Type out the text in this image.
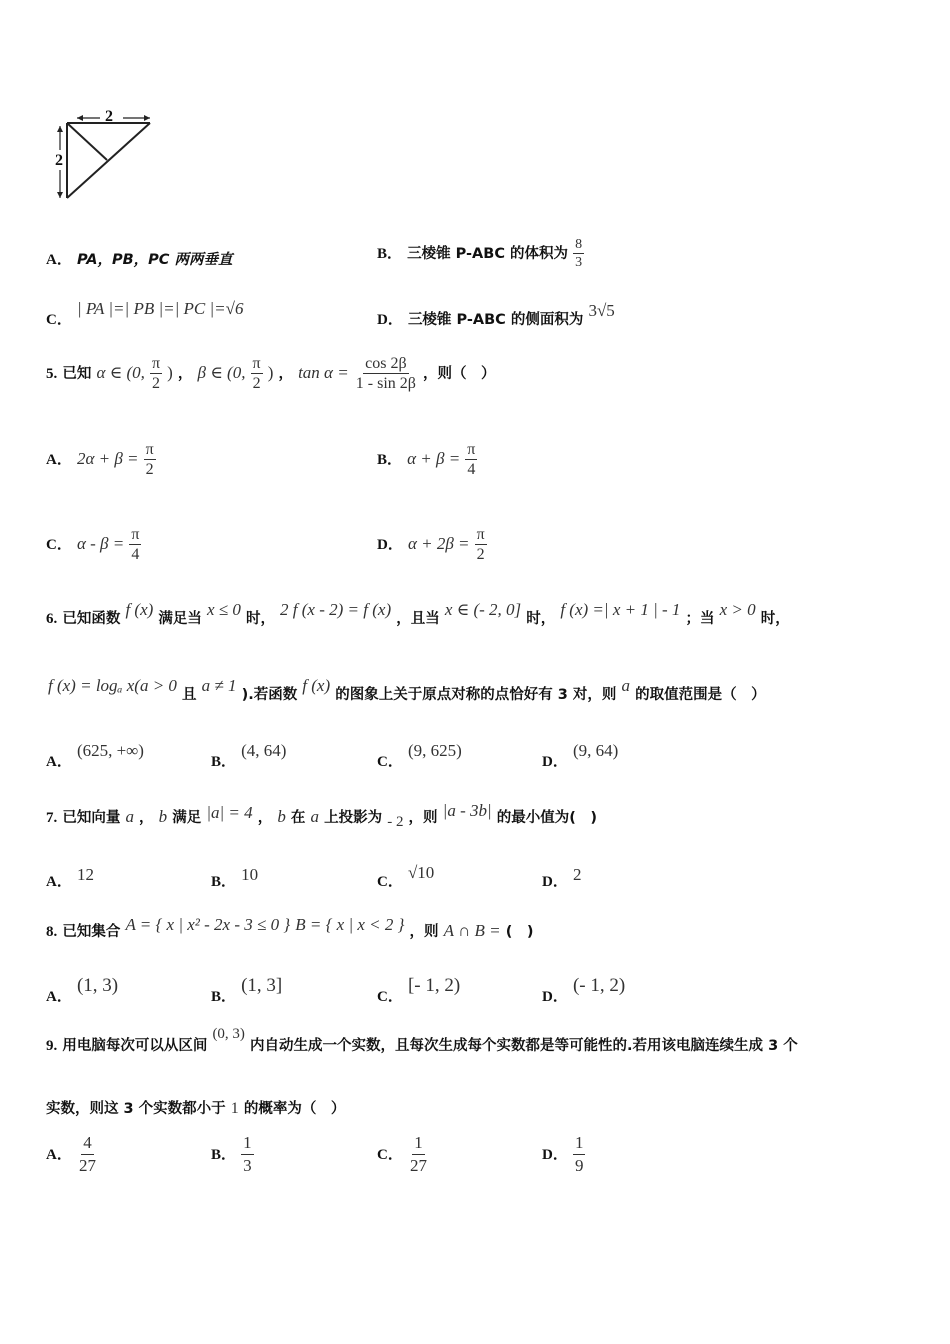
2
2
A． PA，PB，PC 两两垂直	B． 三棱锥 P-ABC 的体积为 $\frac{8}{3}$
C． | PA |=| PB |=| PC |=√6
D． 三棱锥 P-ABC 的侧面积为 3√5
5. 已知 α ∈ (0, $\frac{\pi}{2}$ ) ， β ∈ (0, $\frac{\pi}{2}$ ) ， $\tan \alpha = \frac{\cos 2\beta}{1 - \sin 2\beta}$ ，则（　）
A． $2\alpha + \beta = \frac{\pi}{2}$	B． $\alpha + \beta = \frac{\pi}{4}$
C． $\alpha - \beta = \frac{\pi}{4}$	D． $\alpha + 2\beta = \frac{\pi}{2}$
6. 已知函数 f (x) 满足当 x ≤ 0 时， 2 f (x - 2) = f (x) ，且当 x ∈ (- 2, 0] 时， f (x) =| x + 1 | - 1 ；当 x > 0 时，
f (x) = logₐ x(a > 0 且 a ≠ 1 ).若函数 f (x) 的图象上关于原点对称的点恰好有 3 对，则 a 的取值范围是（　）
A． (625, +∞)
B． (4, 64)
C． (9, 625)
D． (9, 64)
7. 已知向量 a ， b 满足 |a| = 4 ， b 在 a 上投影为 - 2 ，则 |a - 3b| 的最小值为(　)
A． 12	B． 10	C． √10	D． 2
8. 已知集合 A = { x | x² - 2x - 3 ≤ 0 } B = { x | x < 2 } ，则 A ∩ B = (　)
A． (1, 3)
B． (1, 3]
C． [- 1, 2)
D． (- 1, 2)
9. 用电脑每次可以从区间 (0, 3) 内自动生成一个实数，且每次生成每个实数都是等可能性的.若用该电脑连续生成 3 个
实数，则这 3 个实数都小于 1 的概率为（　）
A． $\frac{4}{27}$	B． $\frac{1}{3}$	C． $\frac{1}{27}$	D． $\frac{1}{9}$
